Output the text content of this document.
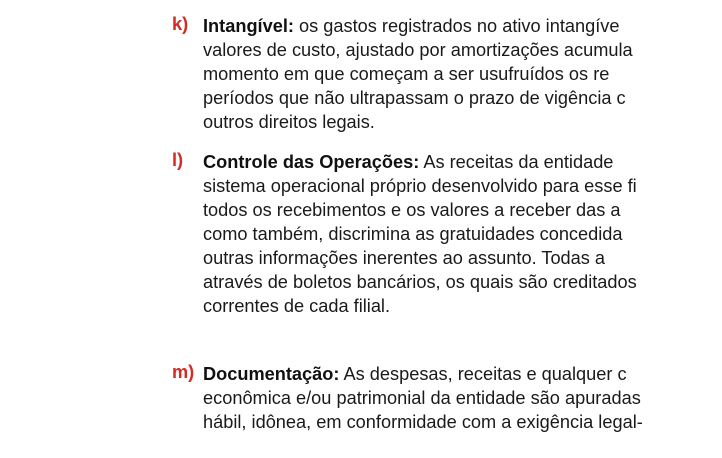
k) Intangível: os gastos registrados no ativo intangíve
valores de custo, ajustado por amortizações acumula
momento em que começam a ser usufruídos os re
períodos que não ultrapassam o prazo de vigência c
outros direitos legais.
l)	Controle das Operações: As receitas da entidade
sistema operacional próprio desenvolvido para esse fi
todos os recebimentos e os valores a receber das a
como também, discrimina as gratuidades concedida
outras informações inerentes ao assunto. Todas a
através de boletos bancários, os quais são creditados
correntes de cada filial.
m) Documentação: As despesas, receitas e qualquer c
econômica e/ou patrimonial da entidade são apuradas
hábil, idônea, em conformidade com a exigência legal-
